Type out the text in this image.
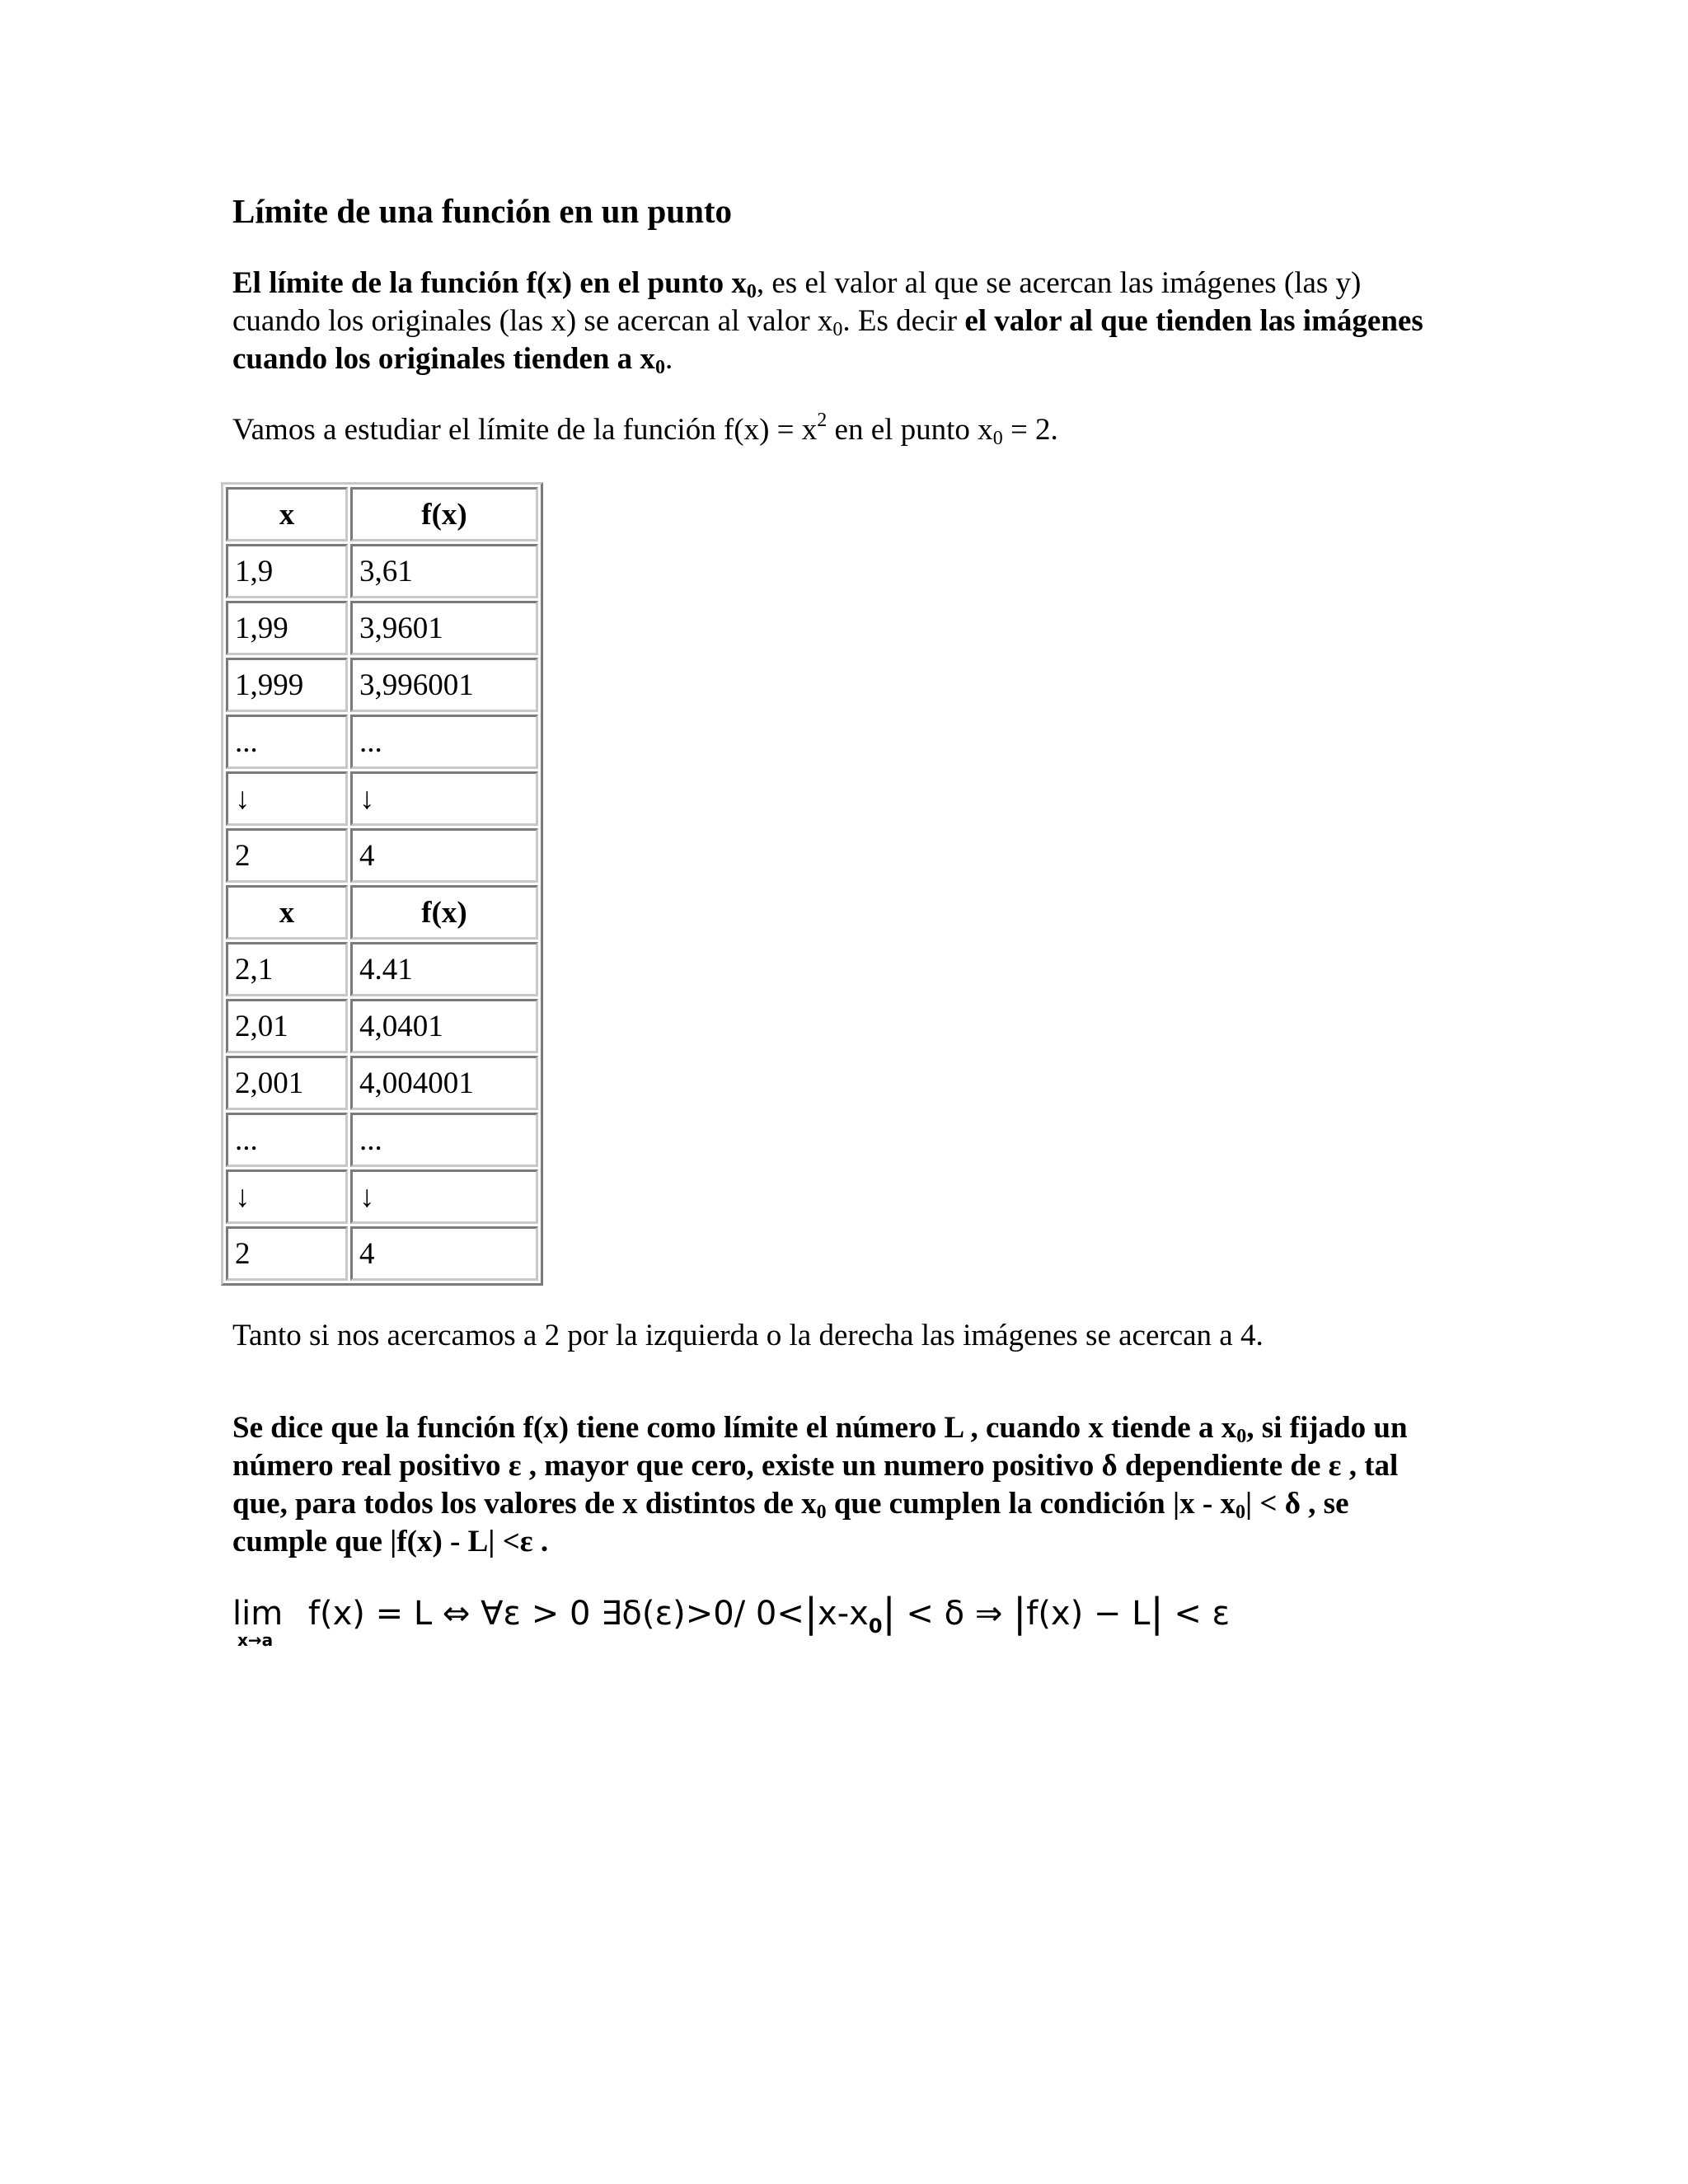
Límite de una función en un punto

El límite de la función f(x) en el punto $x_0$, es el valor al que se acercan las imágenes (las y) cuando los originales (las x) se acercan al valor $x_0$. Es decir el valor al que tienden las imágenes cuando los originales tienden a $x_0$.

Vamos a estudiar el límite de la función $f(x) = x^2$ en el punto $x_0 = 2$.

x	f(x)
1,9	3,61
1,99	3,9601
1,999	3,996001
...	...
↓	↓
2	4
x	f(x)
2,1	4.41
2,01	4,0401
2,001	4,004001
...	...
↓	↓
2	4

Tanto si nos acercamos a 2 por la izquierda o la derecha las imágenes se acercan a 4.

Se dice que la función f(x) tiene como límite el número L , cuando x tiende a $x_0$, si fijado un número real positivo ε , mayor que cero, existe un numero positivo δ dependiente de ε , tal que, para todos los valores de x distintos de $x_0$ que cumplen la condición $|x - x_0| < \delta$ , se cumple que |f(x) - L| <ε .

lim
x→a
f(x) = L ⇔ ∀ε > 0 ∃δ(ε)>0/ $0<|x-x_0| < \delta$ ⇒ |f(x) − L| < ε
